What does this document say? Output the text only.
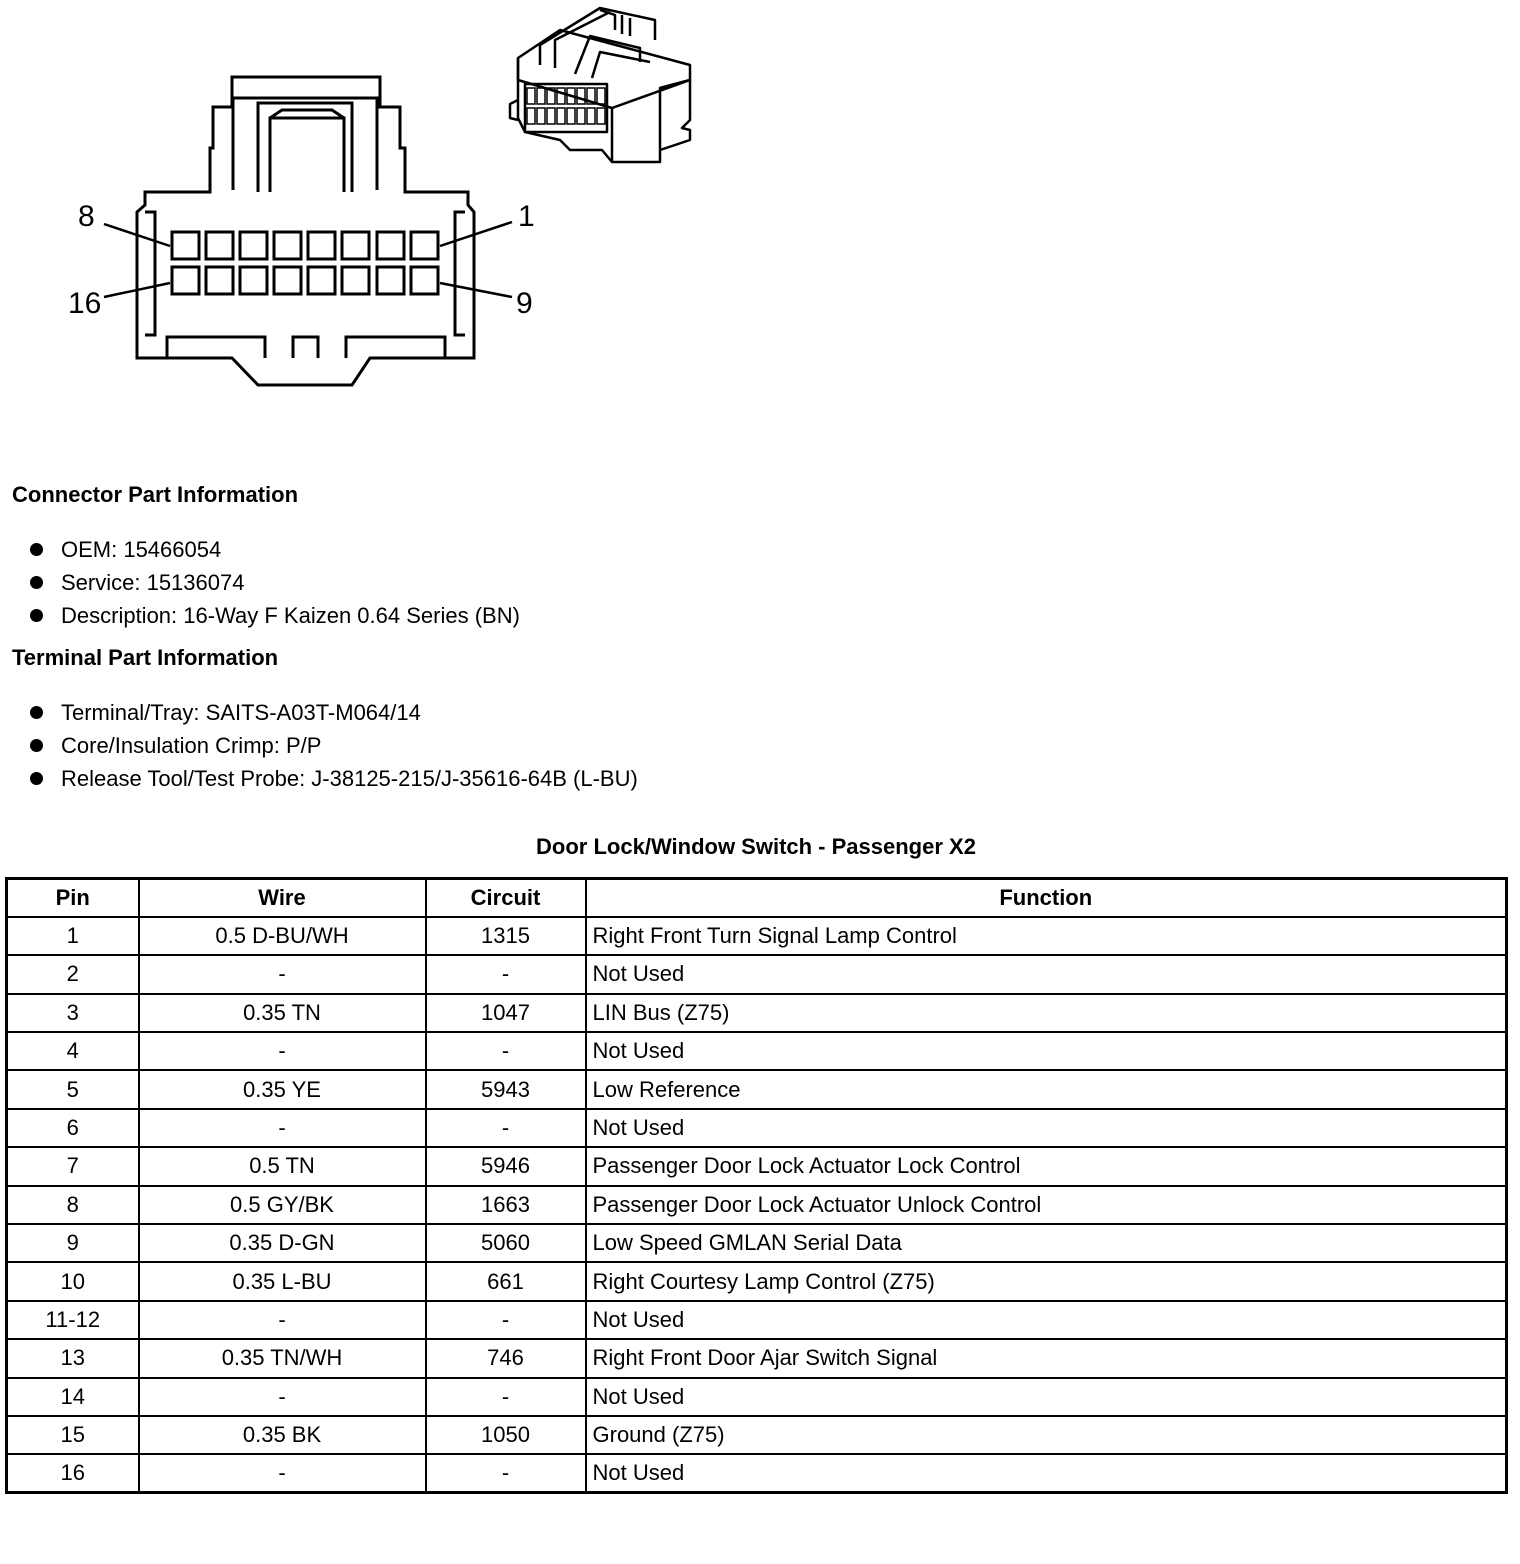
8	1
16	9
Connector Part Information
OEM: 15466054
Service: 15136074
Description: 16-Way F Kaizen 0.64 Series (BN)
Terminal Part Information
Terminal/Tray: SAITS-A03T-M064/14
Core/Insulation Crimp: P/P
Release Tool/Test Probe: J-38125-215/J-35616-64B (L-BU)
Door Lock/Window Switch - Passenger X2
Pin	Wire	Circuit	Function
1	0.5 D-BU/WH	1315	Right Front Turn Signal Lamp Control
2	-	-	Not Used
3	0.35 TN	1047	LIN Bus (Z75)
4	-	-	Not Used
5	0.35 YE	5943	Low Reference
6	-	-	Not Used
7	0.5 TN	5946	Passenger Door Lock Actuator Lock Control
8	0.5 GY/BK	1663	Passenger Door Lock Actuator Unlock Control
9	0.35 D-GN	5060	Low Speed GMLAN Serial Data
10	0.35 L-BU	661	Right Courtesy Lamp Control (Z75)
11-12	-	-	Not Used
13	0.35 TN/WH	746	Right Front Door Ajar Switch Signal
14	-	-	Not Used
15	0.35 BK	1050	Ground (Z75)
16	-	-	Not Used
